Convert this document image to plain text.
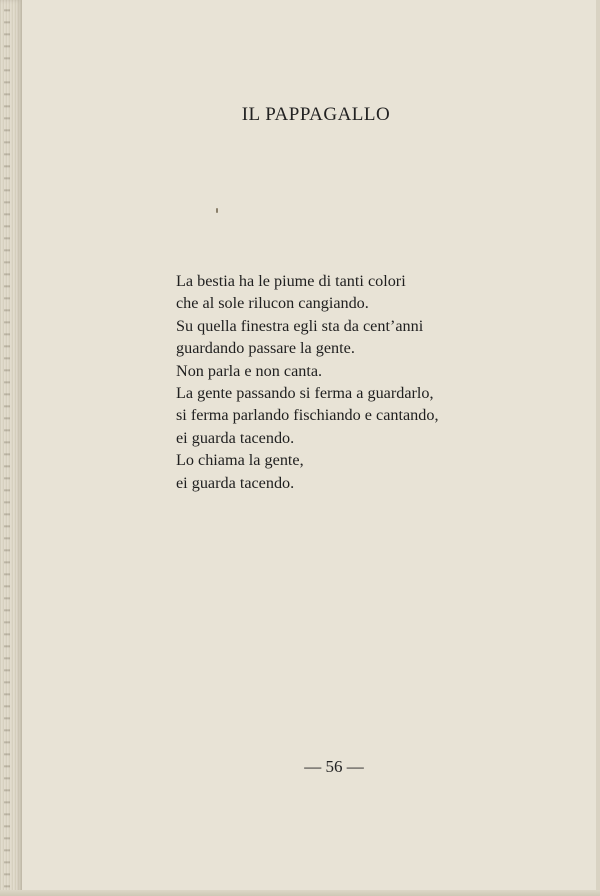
IL PAPPAGALLO
La bestia ha le piume di tanti colori
che al sole rilucon cangiando.
Su quella finestra egli sta da cent’anni
guardando passare la gente.
Non parla e non canta.
La gente passando si ferma a guardarlo,
si ferma parlando fischiando e cantando,
ei guarda tacendo.
Lo chiama la gente,
ei guarda tacendo.
— 56 —
